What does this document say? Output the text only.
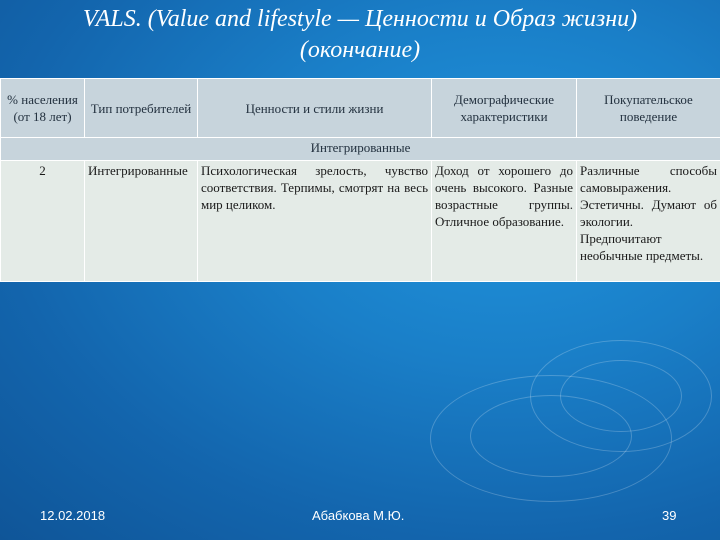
VALS. (Value and lifestyle — Ценности и Образ жизни)
(окончание)
% населения (от 18 лет)	Тип потребителей	Ценности и стили жизни	Демографические характеристики	Покупательское поведение
Интегрированные				
2	Интегрированные	Психологическая зрелость, чувство соответствия. Терпимы, смотрят на весь мир целиком.	Доход от хорошего до очень высокого. Разные возрастные группы. Отличное образование.	Различные способы самовыражения. Эстетичны. Думают об экологии. Предпочитают необычные предметы.
12.02.2018	Абабкова М.Ю.	39
